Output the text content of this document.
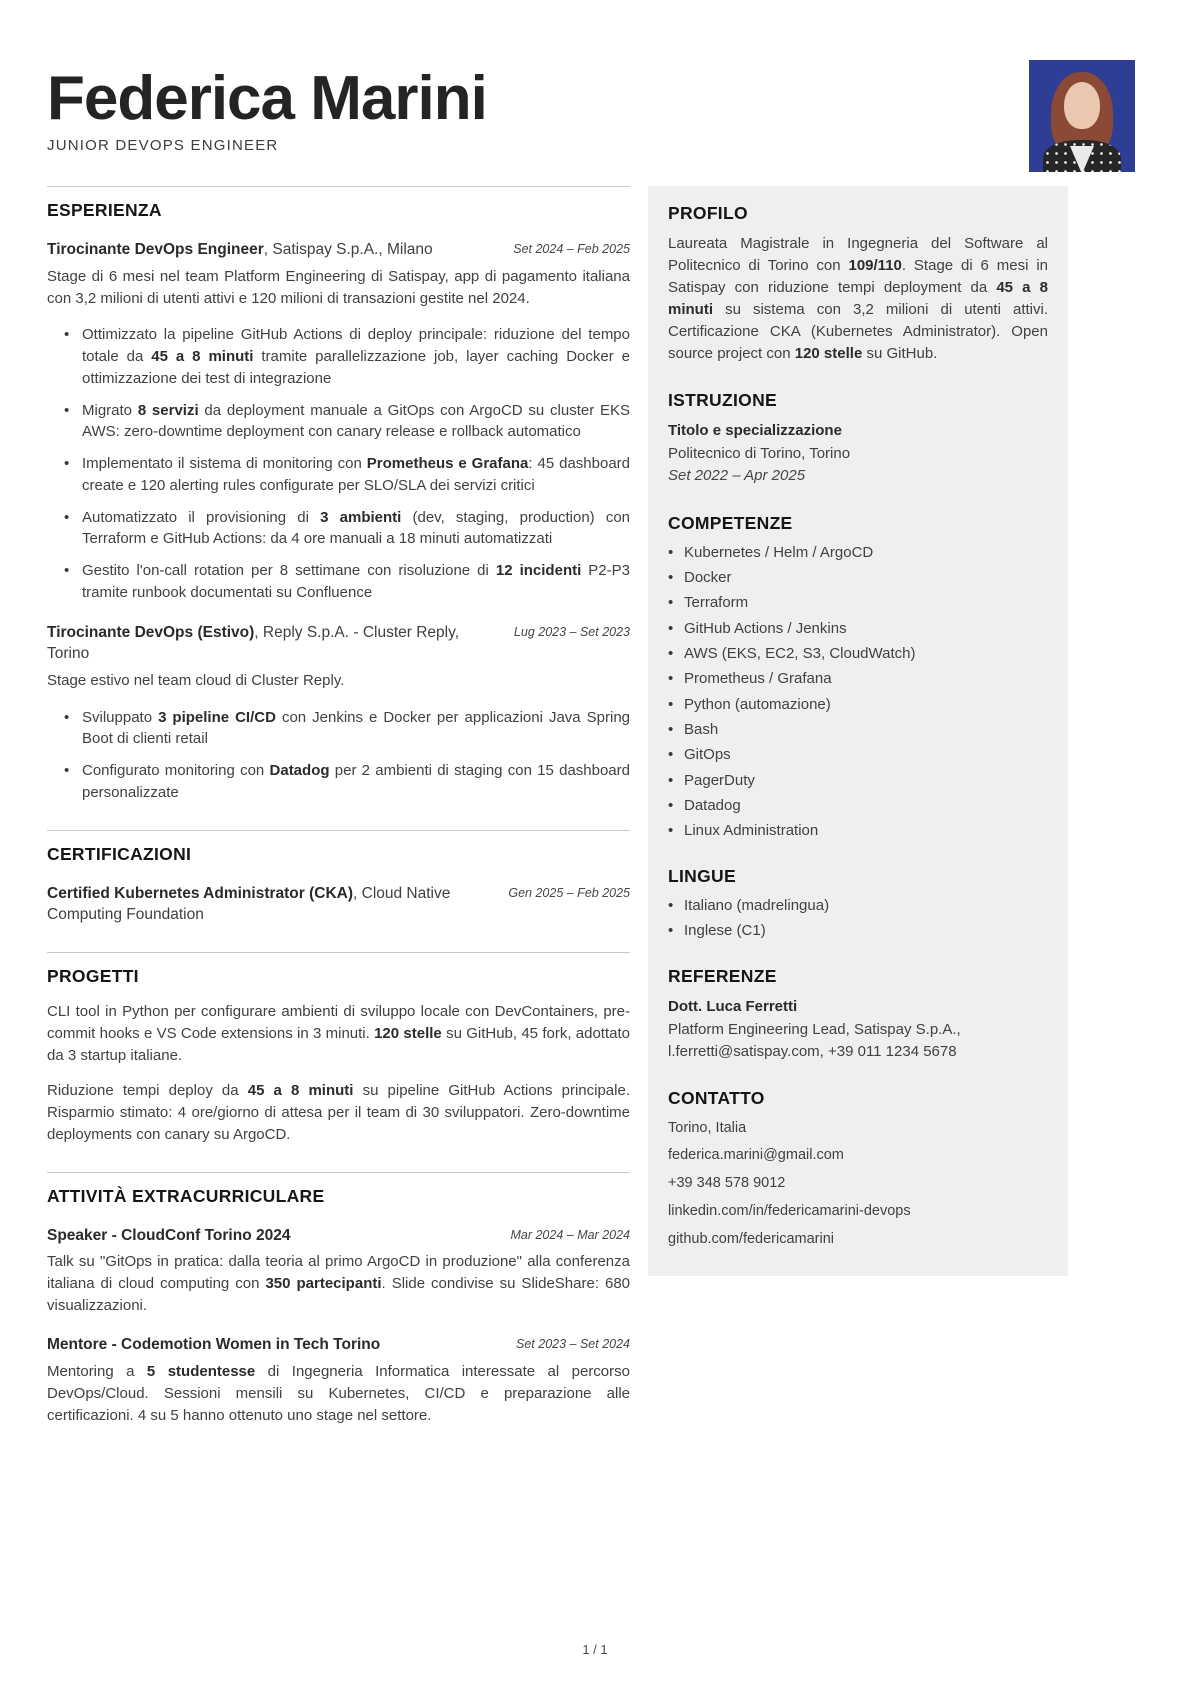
Federica Marini
JUNIOR DEVOPS ENGINEER
ESPERIENZA
Tirocinante DevOps Engineer, Satispay S.p.A., Milano	Set 2024 – Feb 2025

Stage di 6 mesi nel team Platform Engineering di Satispay, app di pagamento italiana con 3,2 milioni di utenti attivi e 120 milioni di transazioni gestite nel 2024.

• Ottimizzato la pipeline GitHub Actions di deploy principale: riduzione del tempo totale da 45 a 8 minuti tramite parallelizzazione job, layer caching Docker e ottimizzazione dei test di integrazione
• Migrato 8 servizi da deployment manuale a GitOps con ArgoCD su cluster EKS AWS: zero-downtime deployment con canary release e rollback automatico
• Implementato il sistema di monitoring con Prometheus e Grafana: 45 dashboard create e 120 alerting rules configurate per SLO/SLA dei servizi critici
• Automatizzato il provisioning di 3 ambienti (dev, staging, production) con Terraform e GitHub Actions: da 4 ore manuali a 18 minuti automatizzati
• Gestito l'on-call rotation per 8 settimane con risoluzione di 12 incidenti P2-P3 tramite runbook documentati su Confluence
Tirocinante DevOps (Estivo), Reply S.p.A. - Cluster Reply, Torino
Lug 2023 – Set 2023

Stage estivo nel team cloud di Cluster Reply.

• Sviluppato 3 pipeline CI/CD con Jenkins e Docker per applicazioni Java Spring Boot di clienti retail
• Configurato monitoring con Datadog per 2 ambienti di staging con 15 dashboard personalizzate
CERTIFICAZIONI
Certified Kubernetes Administrator (CKA), Cloud Native Computing Foundation
Gen 2025 – Feb 2025
PROGETTI

CLI tool in Python per configurare ambienti di sviluppo locale con DevContainers, pre-commit hooks e VS Code extensions in 3 minuti. 120 stelle su GitHub, 45 fork, adottato da 3 startup italiane.

Riduzione tempi deploy da 45 a 8 minuti su pipeline GitHub Actions principale. Risparmio stimato: 4 ore/giorno di attesa per il team di 30 sviluppatori. Zero-downtime deployments con canary su ArgoCD.

ATTIVITÀ EXTRACURRICULARE
Speaker - CloudConf Torino 2024	Mar 2024 – Mar 2024

Talk su "GitOps in pratica: dalla teoria al primo ArgoCD in produzione" alla conferenza italiana di cloud computing con 350 partecipanti. Slide condivise su SlideShare: 680 visualizzazioni.

Mentore - Codemotion Women in Tech Torino	Set 2023 – Set 2024

Mentoring a 5 studentesse di Ingegneria Informatica interessate al percorso DevOps/Cloud. Sessioni mensili su Kubernetes, CI/CD e preparazione alle certificazioni. 4 su 5 hanno ottenuto uno stage nel settore.

PROFILO

Laureata Magistrale in Ingegneria del Software al Politecnico di Torino con 109/110. Stage di 6 mesi in Satispay con riduzione tempi deployment da 45 a 8 minuti su sistema con 3,2 milioni di utenti attivi. Certificazione CKA (Kubernetes Administrator). Open source project con 120 stelle su GitHub.

ISTRUZIONE
Titolo e specializzazione
Politecnico di Torino, Torino
Set 2022 – Apr 2025
COMPETENZE
• Kubernetes / Helm / ArgoCD
• Docker
• Terraform
• GitHub Actions / Jenkins
• AWS (EKS, EC2, S3, CloudWatch)
• Prometheus / Grafana
• Python (automazione)
• Bash
• GitOps
• PagerDuty
• Datadog
• Linux Administration
LINGUE
• Italiano (madrelingua)
• Inglese (C1)
REFERENZE
Dott. Luca Ferretti
Platform Engineering Lead, Satispay S.p.A., l.ferretti@satispay.com, +39 011 1234 5678
CONTATTO
Torino, Italia
federica.marini@gmail.com
+39 348 578 9012
linkedin.com/in/federicamarini-devops
github.com/federicamarini
1 / 1
